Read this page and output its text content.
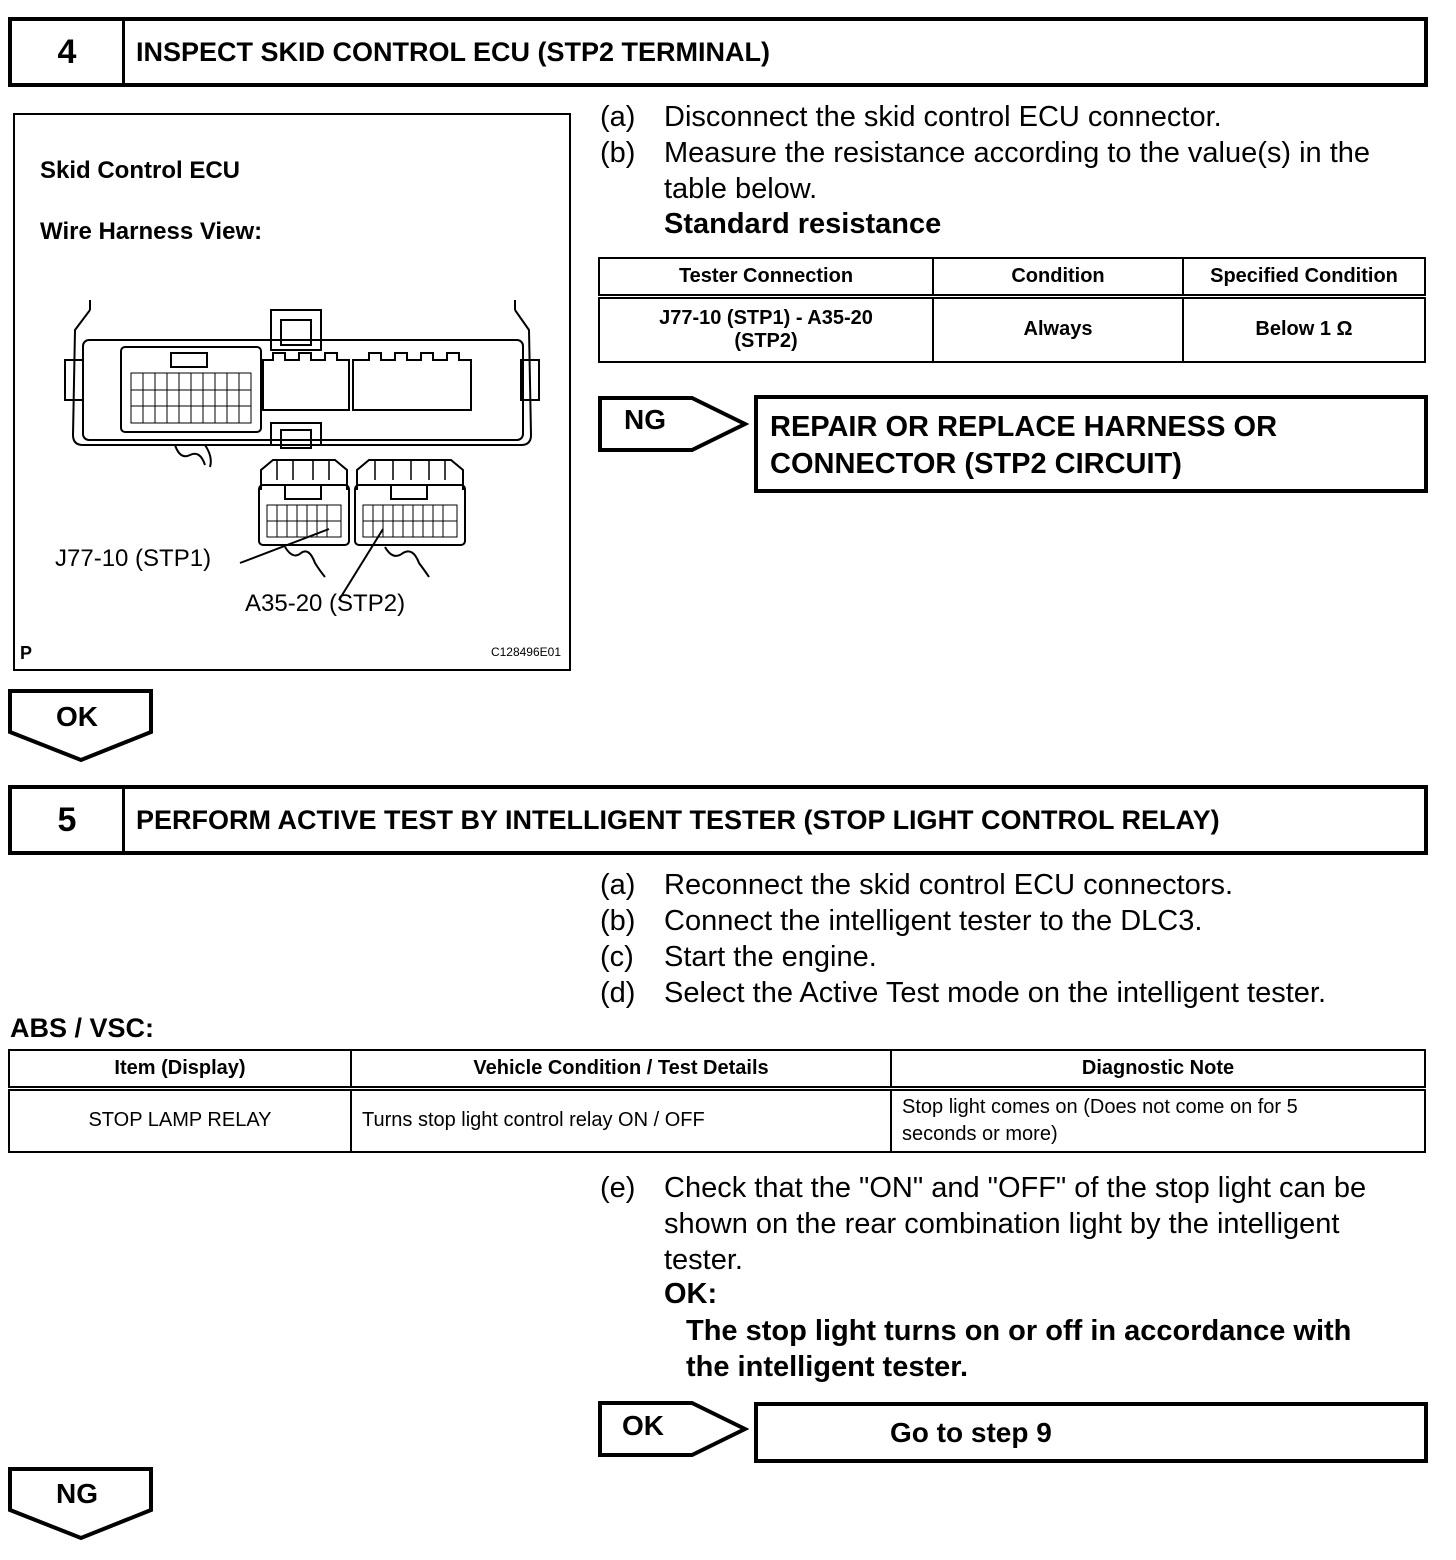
4	INSPECT SKID CONTROL ECU (STP2 TERMINAL)
Skid Control ECU
Wire Harness View:
J77-10 (STP1)
A35-20 (STP2)
P	C128496E01
(a) Disconnect the skid control ECU connector.
(b) Measure the resistance according to the value(s) in the
table below.
Standard resistance
Tester Connection	Condition	Specified Condition

J77-10 (STP1) - A35-20
(STP2)	Always	Below 1 Ω
NG	REPAIR OR REPLACE HARNESS OR
CONNECTOR (STP2 CIRCUIT)
OK
5	PERFORM ACTIVE TEST BY INTELLIGENT TESTER (STOP LIGHT CONTROL RELAY)
(a) Reconnect the skid control ECU connectors.
(b) Connect the intelligent tester to the DLC3.
(c) Start the engine.
(d) Select the Active Test mode on the intelligent tester.
ABS / VSC:
Item (Display)	Vehicle Condition / Test Details	Diagnostic Note
STOP LAMP RELAY	Turns stop light control relay ON / OFF	Stop light comes on (Does not come on for 5
seconds or more)
(e) Check that the "ON" and "OFF" of the stop light can be
shown on the rear combination light by the intelligent
tester.
OK:
The stop light turns on or off in accordance with
the intelligent tester.
OK	Go to step 9
NG
